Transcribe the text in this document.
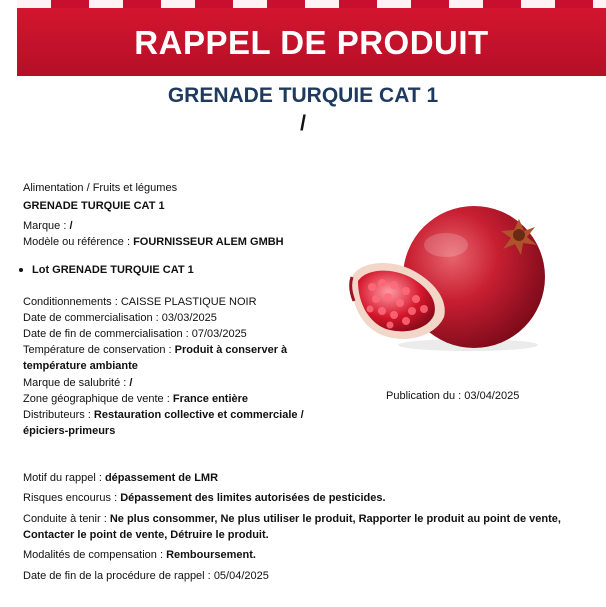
RAPPEL DE PRODUIT
GRENADE TURQUIE CAT 1
/
Alimentation / Fruits et légumes
GRENADE TURQUIE CAT 1
Marque : /
Modèle ou référence : FOURNISSEUR ALEM GMBH
Lot GRENADE TURQUIE CAT 1
Conditionnements : CAISSE PLASTIQUE NOIR
Date de commercialisation : 03/03/2025
Date de fin de commercialisation : 07/03/2025
Température de conservation : Produit à conserver à
température ambiante
Marque de salubrité : /
Zone géographique de vente : France entière
Distributeurs : Restauration collective et commerciale /
épiciers-primeurs
Publication du : 03/04/2025
Motif du rappel : dépassement de LMR
Risques encourus : Dépassement des limites autorisées de pesticides.
Conduite à tenir : Ne plus consommer, Ne plus utiliser le produit, Rapporter le produit au point de vente,
Contacter le point de vente, Détruire le produit.
Modalités de compensation : Remboursement.
Date de fin de la procédure de rappel : 05/04/2025
